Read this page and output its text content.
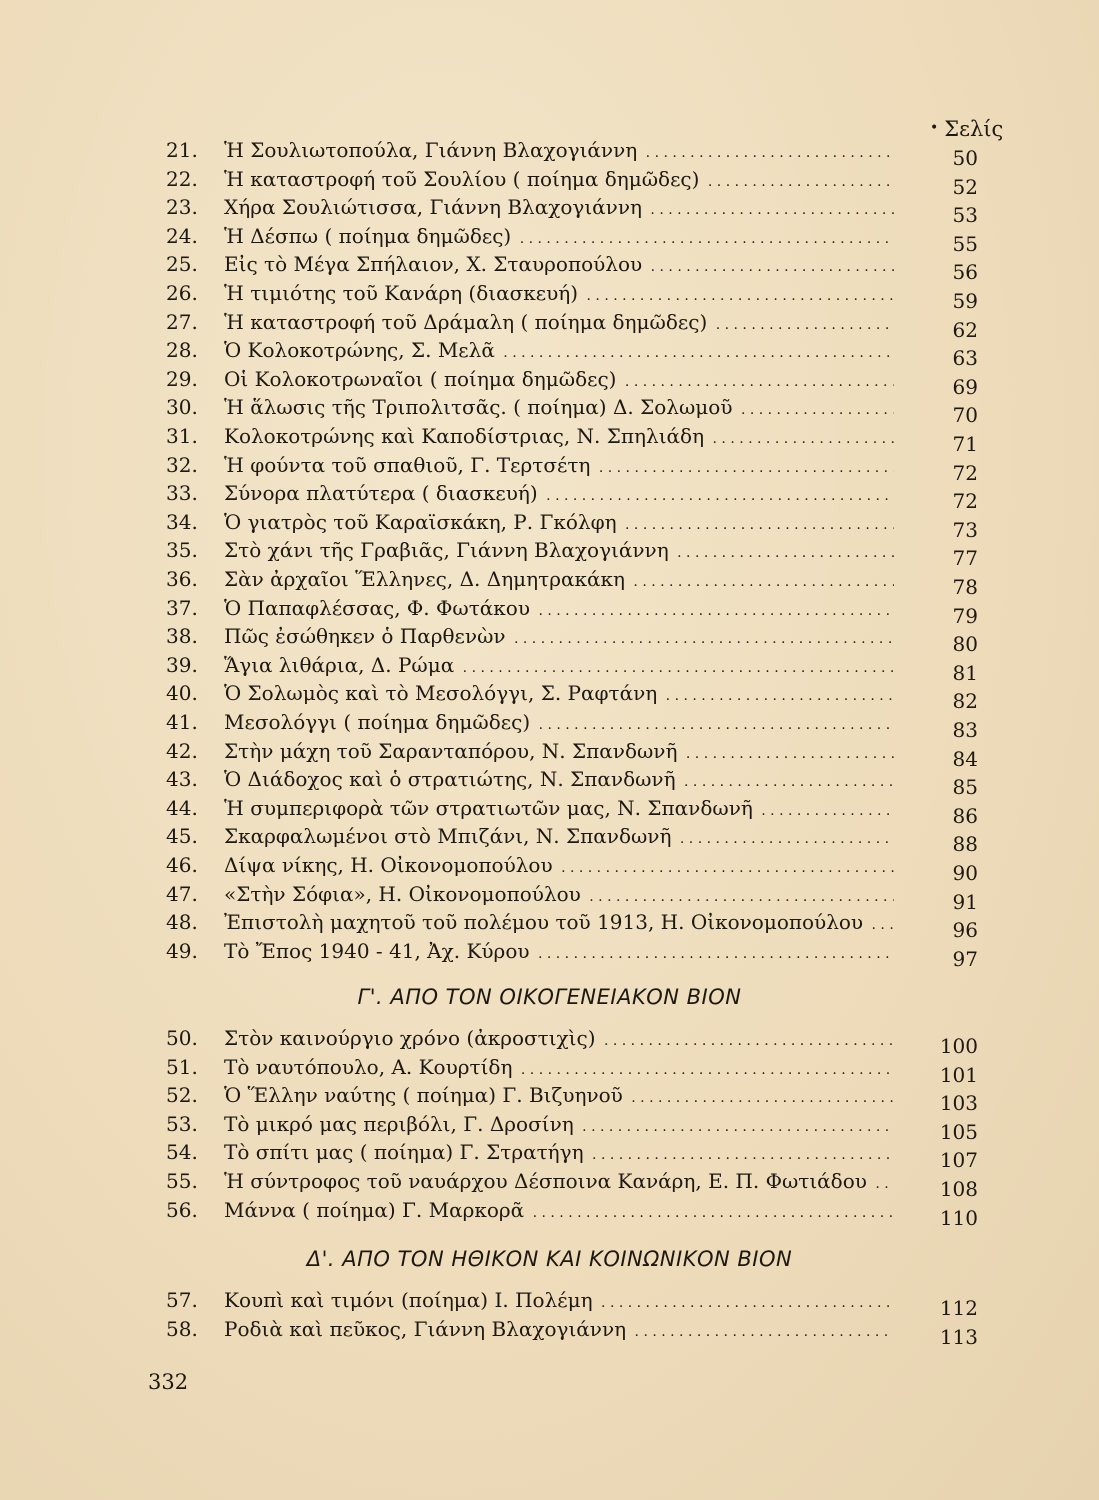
• Σελίς
21.	Ἡ Σουλιωτοπούλα, Γιάννη Βλαχογιάννη . . .	50
22.	Ἡ καταστροφή τοῦ Σουλίου ( ποίημα δημῶδες) . . .	52
23.	Χήρα Σουλιώτισσα, Γιάννη Βλαχογιάννη . . .	53
24.	Ἡ Δέσπω ( ποίημα δημῶδες) . . .	55
25.	Εἰς τὸ Μέγα Σπήλαιον, Χ. Σταυροπούλου . . .	56
26.	Ἡ τιμιότης τοῦ Κανάρη (διασκευή) . . .	59
27.	Ἡ καταστροφή τοῦ Δράμαλη ( ποίημα δημῶδες) . . .	62
28.	Ὁ Κολοκοτρώνης, Σ. Μελᾶ . . .	63
29.	Οἱ Κολοκοτρωναῖοι ( ποίημα δημῶδες) . . .	69
30.	Ἡ ἅλωσις τῆς Τριπολιτσᾶς. ( ποίημα) Δ. Σολωμοῦ . . .	70
31.	Κολοκοτρώνης καὶ Καποδίστριας, Ν. Σπηλιάδη . . .	71
32.	Ἡ φούντα τοῦ σπαθιοῦ, Γ. Τερτσέτη . . .	72
33.	Σύνορα πλατύτερα ( διασκευή) . . .	72
34.	Ὁ γιατρὸς τοῦ Καραϊσκάκη, Ρ. Γκόλφη . . .	73
35.	Στὸ χάνι τῆς Γραβιᾶς, Γιάννη Βλαχογιάννη . . .	77
36.	Σὰν ἀρχαῖοι Ἕλληνες, Δ. Δημητρακάκη . . .	78
37.	Ὁ Παπαφλέσσας, Φ. Φωτάκου . . .	79
38.	Πῶς ἐσώθηκεν ὁ Παρθενὼν . . .	80
39.	Ἅγια λιθάρια, Δ. Ρώμα . . .	81
40.	Ὁ Σολωμὸς καὶ τὸ Μεσολόγγι, Σ. Ραφτάνη . . .	82
41.	Μεσολόγγι ( ποίημα δημῶδες) . . .	83
42.	Στὴν μάχη τοῦ Σαρανταπόρου, Ν. Σπανδωνῆ . . .	84
43.	Ὁ Διάδοχος καὶ ὁ στρατιώτης, Ν. Σπανδωνῆ . . .	85
44.	Ἡ συμπεριφορὰ τῶν στρατιωτῶν μας, Ν. Σπανδωνῆ . . .	86
45.	Σκαρφαλωμένοι στὸ Μπιζάνι, Ν. Σπανδωνῆ . . .	88
46.	Δίψα νίκης, Η. Οἰκονομοπούλου . . .	90
47.	«Στὴν Σόφια», Η. Οἰκονομοπούλου . . .	91
48.	Ἐπιστολὴ μαχητοῦ τοῦ πολέμου τοῦ 1913, Η. Οἰκονομοπούλου . . .	96
49.	Τὸ Ἔπος 1940 - 41, Ἀχ. Κύρου . . .	97
Γ'. ΑΠΟ ΤΟΝ ΟΙΚΟΓΕΝΕΙΑΚΟΝ ΒΙΟΝ
50.	Στὸν καινούργιο χρόνο (ἀκροστιχὶς) . . .	100
51.	Τὸ ναυτόπουλο, Α. Κουρτίδη . . .	101
52.	Ὁ Ἕλλην ναύτης ( ποίημα) Γ. Βιζυηνοῦ . . .	103
53.	Τὸ μικρό μας περιβόλι, Γ. Δροσίνη . . .	105
54.	Τὸ σπίτι μας ( ποίημα) Γ. Στρατήγη . . .	107
55.	Ἡ σύντροφος τοῦ ναυάρχου Δέσποινα Κανάρη, Ε. Π. Φωτιάδου . . .	108
56.	Μάννα ( ποίημα) Γ. Μαρκορᾶ . . .	110
Δ'. ΑΠΟ ΤΟΝ ΗΘΙΚΟΝ ΚΑΙ ΚΟΙΝΩΝΙΚΟΝ ΒΙΟΝ
57.	Κουπὶ καὶ τιμόνι (ποίημα) Ι. Πολέμη . . .	112
58.	Ροδιὰ καὶ πεῦκος, Γιάννη Βλαχογιάννη . . .	113
332
